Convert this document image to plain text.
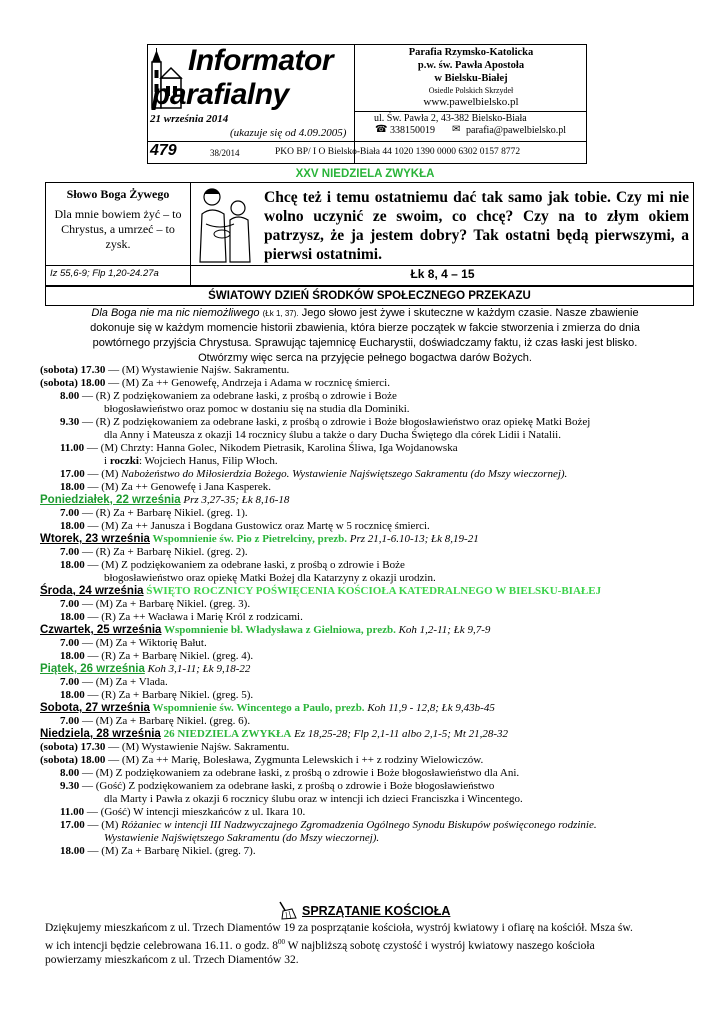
Informator
parafialny
21 września 2014
(ukazuje się od 4.09.2005)
479	38/2014
Parafia Rzymsko-Katolicka
p.w. św. Pawła Apostoła
w Bielsku-Białej
Osiedle Polskich Skrzydeł
www.pawelbielsko.pl
ul. Św. Pawła 2, 43-382 Bielsko-Biała
☎ 338150019 ✉ parafia@pawelbielsko.pl
PKO BP/ I O Bielsko-Biała 44 1020 1390 0000 6302 0157 8772
XXV NIEDZIELA ZWYKŁA
Słowo Boga Żywego
Dla mnie bowiem żyć – to Chrystus, a umrzeć – to zysk.
Iz 55,6-9; Flp 1,20-24.27a
Chcę też i temu ostatniemu dać tak samo jak tobie. Czy mi nie wolno uczynić ze swoim, co chcę? Czy na to złym okiem patrzysz, że ja jestem dobry? Tak ostatni będą pierwszymi, a pierwsi ostatnimi.
Łk 8, 4 – 15
ŚWIATOWY DZIEŃ ŚRODKÓW SPOŁECZNEGO PRZEKAZU
Dla Boga nie ma nic niemożliwego (Łk 1, 37). Jego słowo jest żywe i skuteczne w każdym czasie. Nasze zbawienie
dokonuje się w każdym momencie historii zbawienia, która bierze początek w fakcie stworzenia i zmierza do dnia
powtórnego przyjścia Chrystusa. Sprawując tajemnicę Eucharystii, doświadczamy faktu, iż czas łaski jest blisko.
Otwórzmy więc serca na przyjęcie pełnego bogactwa darów Bożych.
(sobota) 17.30 — (M) Wystawienie Najśw. Sakramentu.
(sobota) 18.00 — (M) Za ++ Genowefę, Andrzeja i Adama w rocznicę śmierci.
8.00 — (R) Z podziękowaniem za odebrane łaski, z prośbą o zdrowie i Boże
błogosławieństwo oraz pomoc w dostaniu się na studia dla Dominiki.
9.30 — (R) Z podziękowaniem za odebrane łaski, z prośbą o zdrowie i Boże błogosławieństwo oraz opiekę Matki Bożej
dla Anny i Mateusza z okazji 14 rocznicy ślubu a także o dary Ducha Świętego dla córek Lidii i Natalii.
11.00 — (M) Chrzty: Hanna Golec, Nikodem Pietrasik, Karolina Śliwa, Iga Wojdanowska
i roczki: Wojciech Hanus, Filip Włoch.
17.00 — (M) Nabożeństwo do Miłosierdzia Bożego. Wystawienie Najświętszego Sakramentu (do Mszy wieczornej).
18.00 — (M) Za ++ Genowefę i Jana Kasperek.
Poniedziałek, 22 września Prz 3,27-35; Łk 8,16-18
7.00 — (R) Za + Barbarę Nikiel. (greg. 1).
18.00 — (M) Za ++ Janusza i Bogdana Gustowicz oraz Martę w 5 rocznicę śmierci.
Wtorek, 23 września Wspomnienie św. Pio z Pietrelciny, prezb. Prz 21,1-6.10-13; Łk 8,19-21
7.00 — (R) Za + Barbarę Nikiel. (greg. 2).
18.00 — (M) Z podziękowaniem za odebrane łaski, z prośbą o zdrowie i Boże
błogosławieństwo oraz opiekę Matki Bożej dla Katarzyny z okazji urodzin.
Środa, 24 września ŚWIĘTO ROCZNICY POŚWIĘCENIA KOŚCIOŁA KATEDRALNEGO W BIELSKU-BIAŁEJ
7.00 — (M) Za + Barbarę Nikiel. (greg. 3).
18.00 — (R) Za ++ Wacława i Marię Król z rodzicami.
Czwartek, 25 września Wspomnienie bł. Władysława z Gielniowa, prezb. Koh 1,2-11; Łk 9,7-9
7.00 — (M) Za + Wiktorię Bałut.
18.00 — (R) Za + Barbarę Nikiel. (greg. 4).
Piątek, 26 września Koh 3,1-11; Łk 9,18-22
7.00 — (M) Za + Vlada.
18.00 — (R) Za + Barbarę Nikiel. (greg. 5).
Sobota, 27 września Wspomnienie św. Wincentego a Paulo, prezb. Koh 11,9 - 12,8; Łk 9,43b-45
7.00 — (M) Za + Barbarę Nikiel. (greg. 6).
Niedziela, 28 września 26 NIEDZIELA ZWYKŁA Ez 18,25-28; Flp 2,1-11 albo 2,1-5; Mt 21,28-32
(sobota) 17.30 — (M) Wystawienie Najśw. Sakramentu.
(sobota) 18.00 — (M) Za ++ Marię, Bolesława, Zygmunta Lelewskich i ++ z rodziny Wielowiczów.
8.00 — (M) Z podziękowaniem za odebrane łaski, z prośbą o zdrowie i Boże błogosławieństwo dla Ani.
9.30 — (Gość) Z podziękowaniem za odebrane łaski, z prośbą o zdrowie i Boże błogosławieństwo
dla Marty i Pawła z okazji 6 rocznicy ślubu oraz w intencji ich dzieci Franciszka i Wincentego.
11.00 — (Gość) W intencji mieszkańców z ul. Ikara 10.
17.00 — (M) Różaniec w intencji III Nadzwyczajnego Zgromadzenia Ogólnego Synodu Biskupów poświęconego rodzinie.
Wystawienie Najświętszego Sakramentu (do Mszy wieczornej).
18.00 — (M) Za + Barbarę Nikiel. (greg. 7).
SPRZĄTANIE KOŚCIOŁA
Dziękujemy mieszkańcom z ul. Trzech Diamentów 19 za posprzątanie kościoła, wystrój kwiatowy i ofiarę na kościół. Msza św.
w ich intencji będzie celebrowana 16.11. o godz. $8^{00}$ W najbliższą sobotę czystość i wystrój kwiatowy naszego kościoła
powierzamy mieszkańcom z ul. Trzech Diamentów 32.
